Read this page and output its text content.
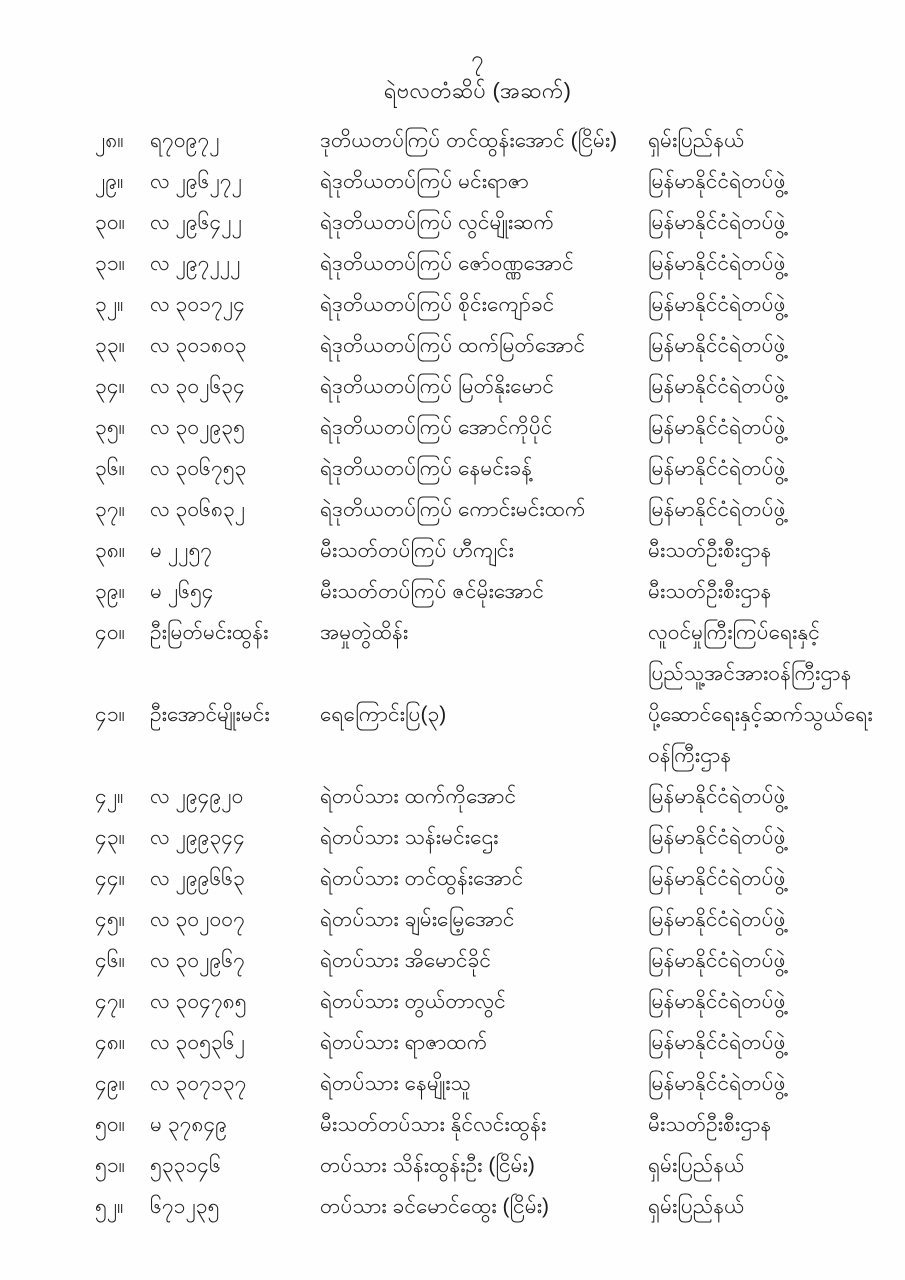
၇
ရဲဗလတံဆိပ် (အဆက်)
၂၈။	ရ၇၀၉၇၂	ဒုတိယတပ်ကြပ် တင်ထွန်းအောင် (ငြိမ်း)	ရှမ်းပြည်နယ်
၂၉။	လ ၂၉၆၂၇၂	ရဲဒုတိယတပ်ကြပ် မင်းရာဇာ	မြန်မာနိုင်ငံရဲတပ်ဖွဲ့
၃၀။	လ ၂၉၆၄၂၂	ရဲဒုတိယတပ်ကြပ် လွင်မျိုးဆက်	မြန်မာနိုင်ငံရဲတပ်ဖွဲ့
၃၁။	လ ၂၉၇၂၂၂	ရဲဒုတိယတပ်ကြပ် ဇော်ဝဏ္ဏအောင်	မြန်မာနိုင်ငံရဲတပ်ဖွဲ့
၃၂။	လ ၃၀၁၇၂၄	ရဲဒုတိယတပ်ကြပ် စိုင်းကျော်ခင်	မြန်မာနိုင်ငံရဲတပ်ဖွဲ့
၃၃။	လ ၃၀၁၈၀၃	ရဲဒုတိယတပ်ကြပ် ထက်မြတ်အောင်	မြန်မာနိုင်ငံရဲတပ်ဖွဲ့
၃၄။	လ ၃၀၂၆၃၄	ရဲဒုတိယတပ်ကြပ် မြတ်နိုးမောင်	မြန်မာနိုင်ငံရဲတပ်ဖွဲ့
၃၅။	လ ၃၀၂၉၃၅	ရဲဒုတိယတပ်ကြပ် အောင်ကိုပိုင်	မြန်မာနိုင်ငံရဲတပ်ဖွဲ့
၃၆။	လ ၃၀၆၇၅၃	ရဲဒုတိယတပ်ကြပ် နေမင်းခန့်	မြန်မာနိုင်ငံရဲတပ်ဖွဲ့
၃၇။	လ ၃၀၆၈၃၂	ရဲဒုတိယတပ်ကြပ် ကောင်းမင်းထက်	မြန်မာနိုင်ငံရဲတပ်ဖွဲ့
၃၈။	မ ၂၂၅၇	မီးသတ်တပ်ကြပ် ဟီကျင်း	မီးသတ်ဦးစီးဌာန
၃၉။	မ ၂၆၅၄	မီးသတ်တပ်ကြပ် ဇင်မိုးအောင်	မီးသတ်ဦးစီးဌာန
၄၀။	ဦးမြတ်မင်းထွန်း	အမှုတွဲထိန်း	လူဝင်မှုကြီးကြပ်ရေးနှင့်
ပြည်သူ့အင်အားဝန်ကြီးဌာန
၄၁။	ဦးအောင်မျိုးမင်း	ရေကြောင်းပြ(၃)	ပို့ဆောင်ရေးနှင့်ဆက်သွယ်ရေး
ဝန်ကြီးဌာန
၄၂။	လ ၂၉၄၉၂၀	ရဲတပ်သား ထက်ကိုအောင်	မြန်မာနိုင်ငံရဲတပ်ဖွဲ့
၄၃။	လ ၂၉၉၃၄၄	ရဲတပ်သား သန်းမင်းဌေး	မြန်မာနိုင်ငံရဲတပ်ဖွဲ့
၄၄။	လ ၂၉၉၆၆၃	ရဲတပ်သား တင်ထွန်းအောင်	မြန်မာနိုင်ငံရဲတပ်ဖွဲ့
၄၅။	လ ၃၀၂၀၀၇	ရဲတပ်သား ချမ်းမြေ့အောင်	မြန်မာနိုင်ငံရဲတပ်ဖွဲ့
၄၆။	လ ၃၀၂၉၆၇	ရဲတပ်သား အိမောင်ခိုင်	မြန်မာနိုင်ငံရဲတပ်ဖွဲ့
၄၇။	လ ၃၀၄၇၈၅	ရဲတပ်သား တွယ်တာလွင်	မြန်မာနိုင်ငံရဲတပ်ဖွဲ့
၄၈။	လ ၃၀၅၃၆၂	ရဲတပ်သား ရာဇာထက်	မြန်မာနိုင်ငံရဲတပ်ဖွဲ့
၄၉။	လ ၃၀၇၁၃၇	ရဲတပ်သား နေမျိုးသူ	မြန်မာနိုင်ငံရဲတပ်ဖွဲ့
၅၀။	မ ၃၇၈၄၉	မီးသတ်တပ်သား နိုင်လင်းထွန်း	မီးသတ်ဦးစီးဌာန
၅၁။	၅၃၃၁၄၆	တပ်သား သိန်းထွန်းဦး (ငြိမ်း)	ရှမ်းပြည်နယ်
၅၂။	၆၇၁၂၃၅	တပ်သား ခင်မောင်ထွေး (ငြိမ်း)	ရှမ်းပြည်နယ်
